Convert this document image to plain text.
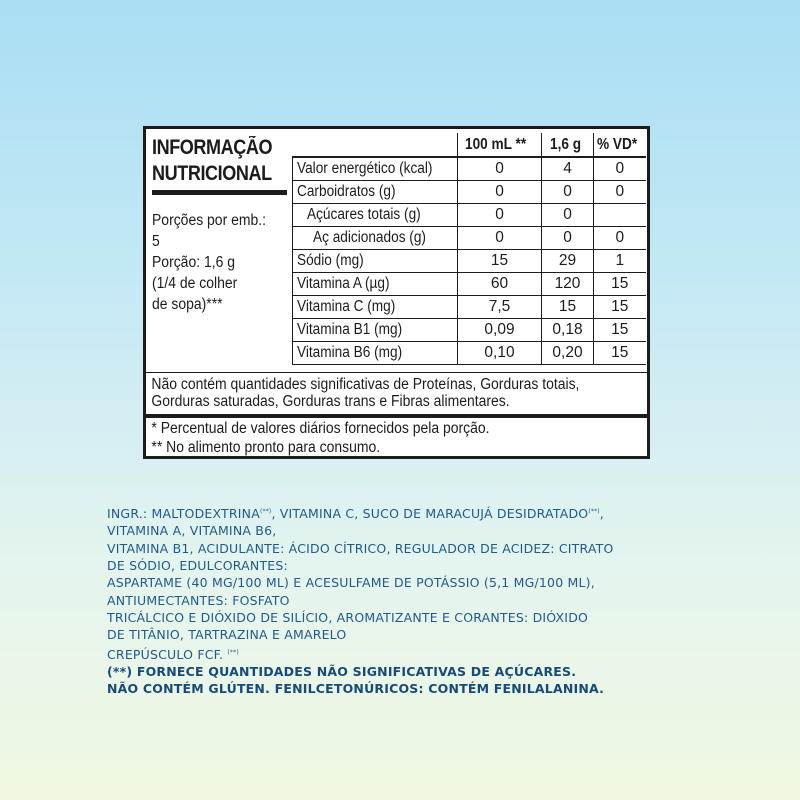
INFORMAÇÃO
NUTRICIONAL
Porções por emb.:
5
Porção: 1,6 g
(1/4 de colher
de sopa)***
	100 mL **	1,6 g	% VD*
Valor energético (kcal)	0	4	0
Carboidratos (g)	0	0	0
Açúcares totais (g)	0	0	
Aç adicionados (g)	0	0	0
Sódio (mg)	15	29	1
Vitamina A (µg)	60	120	15
Vitamina C (mg)	7,5	15	15
Vitamina B1 (mg)	0,09	0,18	15
Vitamina B6 (mg)	0,10	0,20	15
Não contém quantidades significativas de Proteínas, Gorduras totais, Gorduras saturadas, Gorduras trans e Fibras alimentares.
* Percentual de valores diários fornecidos pela porção.
** No alimento pronto para consumo.
INGR.: MALTODEXTRINA(**), VITAMINA C, SUCO DE MARACUJÁ DESIDRATADO(**),
VITAMINA A, VITAMINA B6,
VITAMINA B1, ACIDULANTE: ÁCIDO CÍTRICO, REGULADOR DE ACIDEZ: CITRATO
DE SÓDIO, EDULCORANTES:
ASPARTAME (40 MG/100 ML) E ACESULFAME DE POTÁSSIO (5,1 MG/100 ML),
ANTIUMECTANTES: FOSFATO
TRICÁLCICO E DIÓXIDO DE SILÍCIO, AROMATIZANTE E CORANTES: DIÓXIDO
DE TITÂNIO, TARTRAZINA E AMARELO
CREPÚSCULO FCF. (**)
(**) FORNECE QUANTIDADES NÃO SIGNIFICATIVAS DE AÇÚCARES.
NÃO CONTÉM GLÚTEN. FENILCETONÚRICOS: CONTÉM FENILALANINA.
